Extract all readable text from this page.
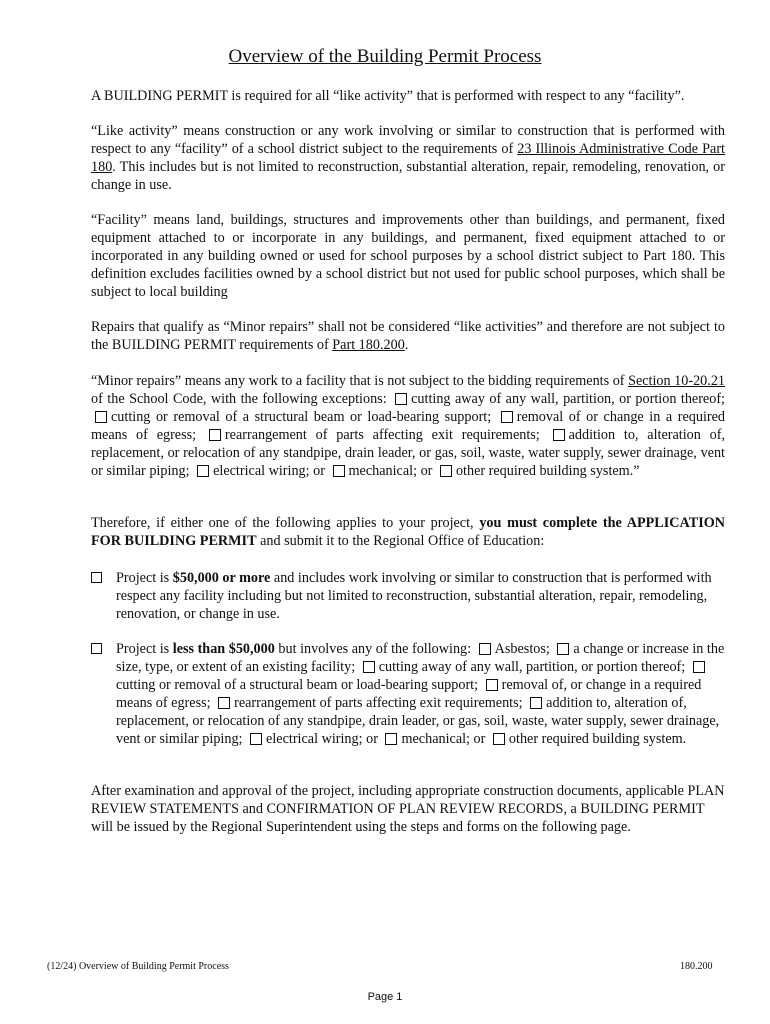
Overview of the Building Permit Process
A BUILDING PERMIT is required for all “like activity” that is performed with respect to any “facility”.
“Like activity” means construction or any work involving or similar to construction that is performed with respect to any “facility” of a school district subject to the requirements of 23 Illinois Administrative Code Part 180. This includes but is not limited to reconstruction, substantial alteration, repair, remodeling, renovation, or change in use.
“Facility” means land, buildings, structures and improvements other than buildings, and permanent, fixed equipment attached to or incorporate in any buildings, and permanent, fixed equipment attached to or incorporated in any building owned or used for school purposes by a school district subject to Part 180. This definition excludes facilities owned by a school district but not used for public school purposes, which shall be subject to local building
Repairs that qualify as “Minor repairs” shall not be considered “like activities” and therefore are not subject to the BUILDING PERMIT requirements of Part 180.200.
“Minor repairs” means any work to a facility that is not subject to the bidding requirements of Section 10-20.21 of the School Code, with the following exceptions: cutting away of any wall, partition, or portion thereof; cutting or removal of a structural beam or load-bearing support; removal of or change in a required means of egress; rearrangement of parts affecting exit requirements; addition to, alteration of, replacement, or relocation of any standpipe, drain leader, or gas, soil, waste, water supply, sewer drainage, vent or similar piping; electrical wiring; or mechanical; or other required building system.”
Therefore, if either one of the following applies to your project, you must complete the APPLICATION FOR BUILDING PERMIT and submit it to the Regional Office of Education:
Project is $50,000 or more and includes work involving or similar to construction that is performed with respect any facility including but not limited to reconstruction, substantial alteration, repair, remodeling, renovation, or change in use.
Project is less than $50,000 but involves any of the following: Asbestos; a change or increase in the size, type, or extent of an existing facility; cutting away of any wall, partition, or portion thereof; cutting or removal of a structural beam or load-bearing support; removal of, or change in a required means of egress; rearrangement of parts affecting exit requirements; addition to, alteration of, replacement, or relocation of any standpipe, drain leader, or gas, soil, waste, water supply, sewer drainage, vent or similar piping; electrical wiring; or mechanical; or other required building system.
After examination and approval of the project, including appropriate construction documents, applicable PLAN REVIEW STATEMENTS and CONFIRMATION OF PLAN REVIEW RECORDS, a BUILDING PERMIT will be issued by the Regional Superintendent using the steps and forms on the following page.
(12/24) Overview of Building Permit Process	180.200
Page 1
